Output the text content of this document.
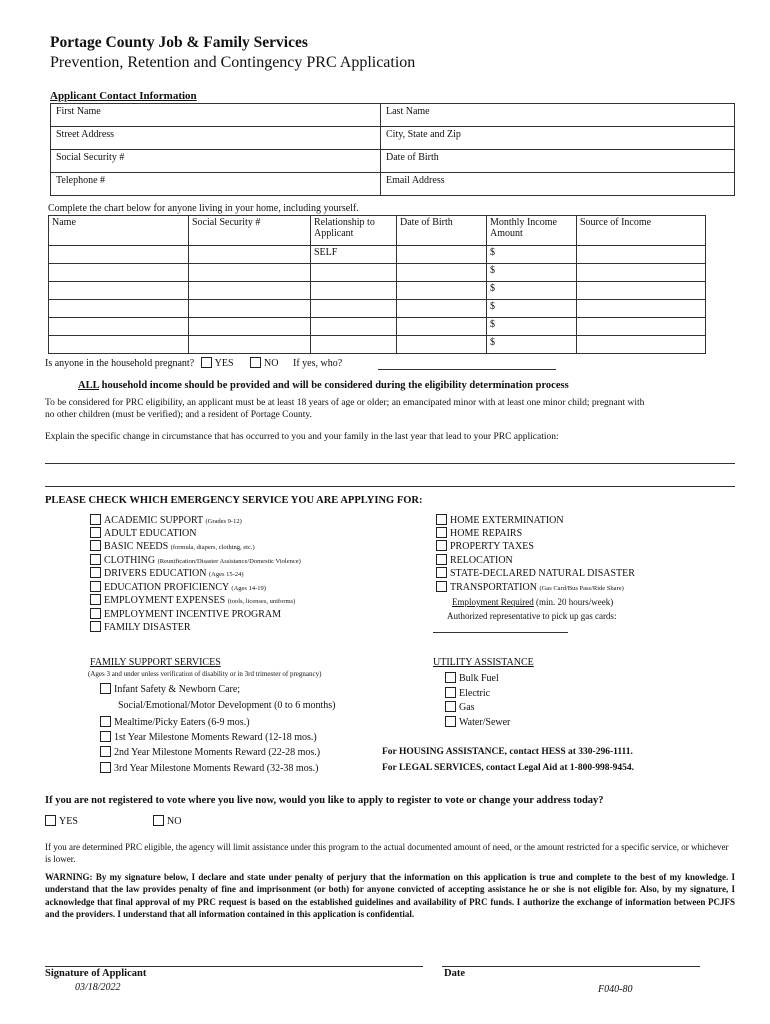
Portage County Job & Family Services
Prevention, Retention and Contingency PRC Application
Applicant Contact Information
First Name	Last Name
Street Address	City, State and Zip
Social Security #	Date of Birth
Telephone #	Email Address
Complete the chart below for anyone living in your home, including yourself.
Name	Social Security #	Relationship to Applicant	Date of Birth	Monthly Income Amount	Source of Income
		SELF		$	
				$	
				$	
				$	
				$	
				$	
Is anyone in the household pregnant? YES	NO If yes, who?
ALL household income should be provided and will be considered during the eligibility determination process
To be considered for PRC eligibility, an applicant must be at least 18 years of age or older; an emancipated minor with at least one minor child; pregnant with no other children (must be verified); and a resident of Portage County.
Explain the specific change in circumstance that has occurred to you and your family in the last year that lead to your PRC application:
PLEASE CHECK WHICH EMERGENCY SERVICE YOU ARE APPLYING FOR:
ACADEMIC SUPPORT (Grades 9-12)
ADULT EDUCATION
BASIC NEEDS (formula, diapers, clothing, etc.)
CLOTHING (Reunification/Disaster Assistance/Domestic Violence)
DRIVERS EDUCATION (Ages 15-24)
EDUCATION PROFICIENCY (Ages 14-19)
EMPLOYMENT EXPENSES (tools, licenses, uniforms)
EMPLOYMENT INCENTIVE PROGRAM
FAMILY DISASTER
HOME EXTERMINATION
HOME REPAIRS
PROPERTY TAXES
RELOCATION
STATE-DECLARED NATURAL DISASTER
TRANSPORTATION (Gas Card/Bus Pass/Ride Share)
Employment Required (min. 20 hours/week)
Authorized representative to pick up gas cards:
FAMILY SUPPORT SERVICES
(Ages 3 and under unless verification of disability or in 3rd trimester of pregnancy)
Infant Safety & Newborn Care;
Social/Emotional/Motor Development (0 to 6 months)
Mealtime/Picky Eaters (6-9 mos.)
1st Year Milestone Moments Reward (12-18 mos.)
2nd Year Milestone Moments Reward (22-28 mos.)
3rd Year Milestone Moments Reward (32-38 mos.)
UTILITY ASSISTANCE
Bulk Fuel
Electric
Gas
Water/Sewer
For HOUSING ASSISTANCE, contact HESS at 330-296-1111.
For LEGAL SERVICES, contact Legal Aid at 1-800-998-9454.
If you are not registered to vote where you live now, would you like to apply to register to vote or change your address today?
YES	NO
If you are determined PRC eligible, the agency will limit assistance under this program to the actual documented amount of need, or the amount restricted for a specific service, or whichever is lower.
WARNING: By my signature below, I declare and state under penalty of perjury that the information on this application is true and complete to the best of my knowledge. I understand that the law provides penalty of fine and imprisonment (or both) for anyone convicted of accepting assistance he or she is not eligible for. Also, by my signature, I acknowledge that final approval of my PRC request is based on the established guidelines and availability of PRC funds. I authorize the exchange of information between PCJFS and the providers. I understand that all information contained in this application is confidential.
Signature of Applicant	Date
03/18/2022	F040-80
